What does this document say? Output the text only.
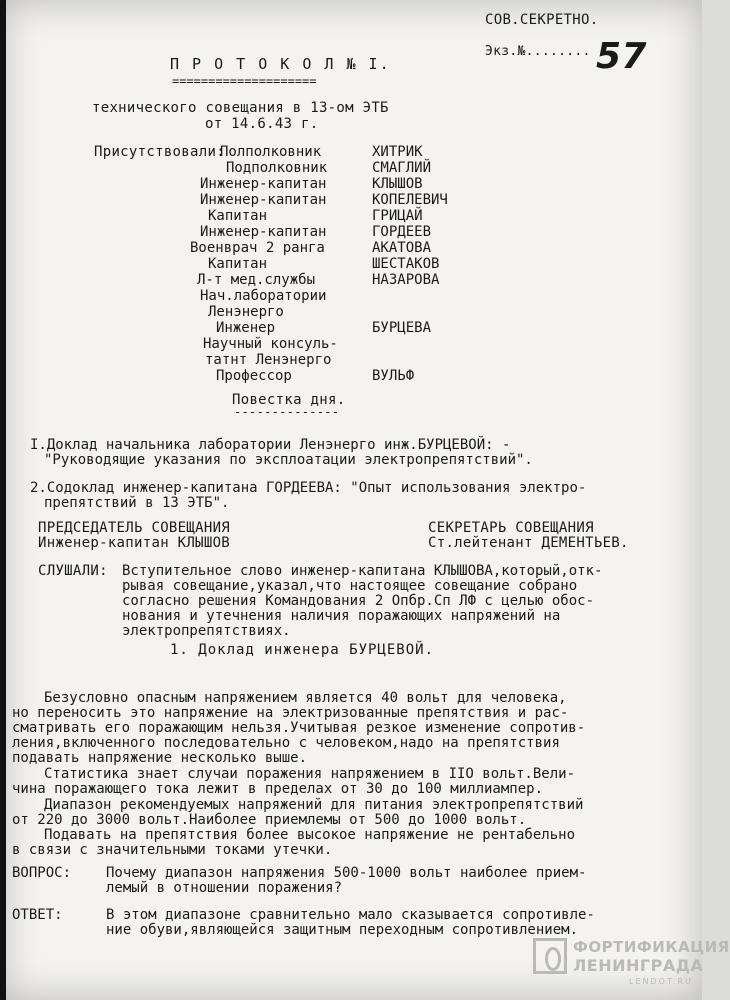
СОВ.СЕКРЕТНО.
Экз.№........ 57
П Р О Т О К О Л № I.
====================
технического совещания в 13-ом ЭТБ
от 14.6.43 г.
Присутствовали:
Полполковник	ХИТРИК
Подполковник	СМАГЛИЙ
Инженер-капитан	КЛЫШОВ
Инженер-капитан	КОПЕЛЕВИЧ
Капитан	ГРИЦАЙ
Инженер-капитан	ГОРДЕЕВ
Военврач 2 ранга	АКАТОВА
Капитан	ШЕСТАКОВ
Л-т мед.службы	НАЗАРОВА
Нач.лаборатории
Ленэнерго
Инженер	БУРЦЕВА
Научный консуль-
татнт Ленэнерго
Профессор	ВУЛЬФ
Повестка дня.
--------------
I.Доклад начальника лаборатории Ленэнерго инж.БУРЦЕВОЙ: -
"Руководящие указания по эксплоатации электропрепятствий".
2.Содоклад инженер-капитана ГОРДЕЕВА: "Опыт использования электро-
препятствий в 13 ЭТБ".
ПРЕДСЕДАТЕЛЬ СОВЕЩАНИЯ
Инженер-капитан КЛЫШОВ
СЕКРЕТАРЬ СОВЕЩАНИЯ
Ст.лейтенант ДЕМЕНТЬЕВ.
СЛУШАЛИ: Вступительное слово инженер-капитана КЛЫШОВА,который,отк-
рывая совещание,указал,что настоящее совещание собрано
согласно решения Командования 2 Опбр.Сп ЛФ с целью обос-
нования и утечнения наличия поражающих напряжений на
электропрепятствиях.
1. Доклад инженера БУРЦЕВОЙ.
Безусловно опасным напряжением является 40 вольт для человека,
но переносить это напряжение на электризованные препятствия и рас-
сматривать его поражающим нельзя.Учитывая резкое изменение сопротив-
ления,включенного последовательно с человеком,надо на препятствия
подавать напряжение несколько выше.
Статистика знает случаи поражения напряжением в IIO вольт.Вели-
чина поражающего тока лежит в пределах от 30 до 100 миллиампер.
Диапазон рекомендуемых напряжений для питания электропрепятствий
от 220 до 3000 вольт.Наиболее приемлемы от 500 до 1000 вольт.
Подавать на препятствия более высокое напряжение не рентабельно
в связи с значительными токами утечки.
ВОПРОС: Почему диапазон напряжения 500-1000 вольт наиболее прием-
лемый в отношении поражения?
ОТВЕТ:	В этом диапазоне сравнительно мало сказывается сопротивле-
ние обуви,являющейся защитным переходным сопротивлением.
ФОРТИФИКАЦИЯ
ЛЕНИНГРАДА
LENDOT.RU
